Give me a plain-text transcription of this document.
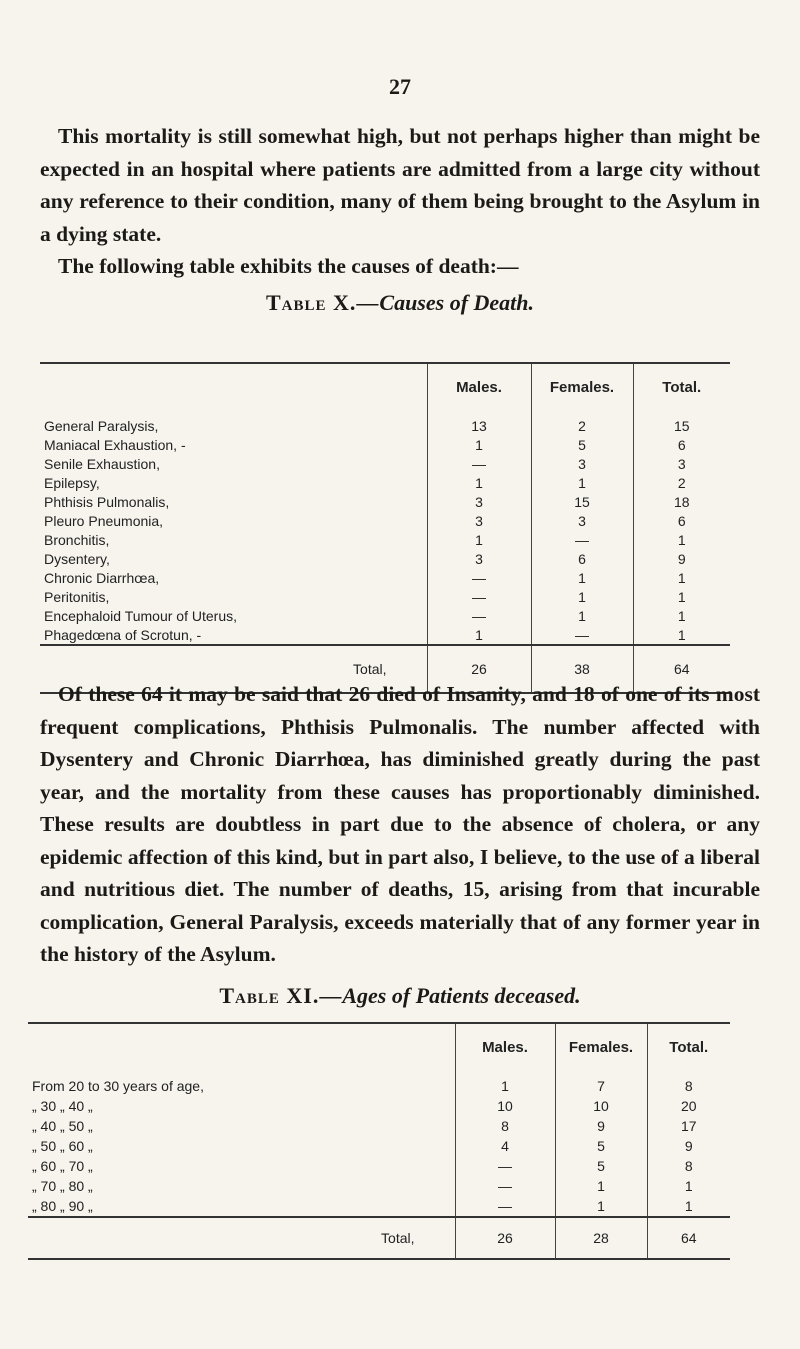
27

This mortality is still somewhat high, but not perhaps higher than might be expected in an hospital where patients are admitted from a large city without any reference to their condition, many of them being brought to the Asylum in a dying state.

The following table exhibits the causes of death:—

Table X.—Causes of Death.
	Males.	Females.	Total.
General Paralysis,	13	2	15
Maniacal Exhaustion, -	1	5	6
Senile Exhaustion,	—	3	3
Epilepsy,	1	1	2
Phthisis Pulmonalis,	3	15	18
Pleuro Pneumonia,	3	3	6
Bronchitis,	1	—	1
Dysentery,	3	6	9
Chronic Diarrhœa,	—	1	1
Peritonitis,	—	1	1
Encephaloid Tumour of Uterus,	—	1	1
Phagedœna of Scrotun, -	1	—	1
Total,	26	38	64

Of these 64 it may be said that 26 died of Insanity, and 18 of one of its most frequent complications, Phthisis Pulmonalis. The number affected with Dysentery and Chronic Diarrhœa, has diminished greatly during the past year, and the mortality from these causes has proportionably diminished. These results are doubtless in part due to the absence of cholera, or any epidemic affection of this kind, but in part also, I believe, to the use of a liberal and nutritious diet. The number of deaths, 15, arising from that incurable complication, General Paralysis, exceeds materially that of any former year in the history of the Asylum.

Table XI.—Ages of Patients deceased.
	Males.	Females.	Total.
From 20 to 30 years of age,	1	7	8
„ 30 „ 40 „	10	10	20
„ 40 „ 50 „	8	9	17
„ 50 „ 60 „	4	5	9
„ 60 „ 70 „	—	5	8
„ 70 „ 80 „	—	1	1
„ 80 „ 90 „	—	1	1
Total,	26	28	64
